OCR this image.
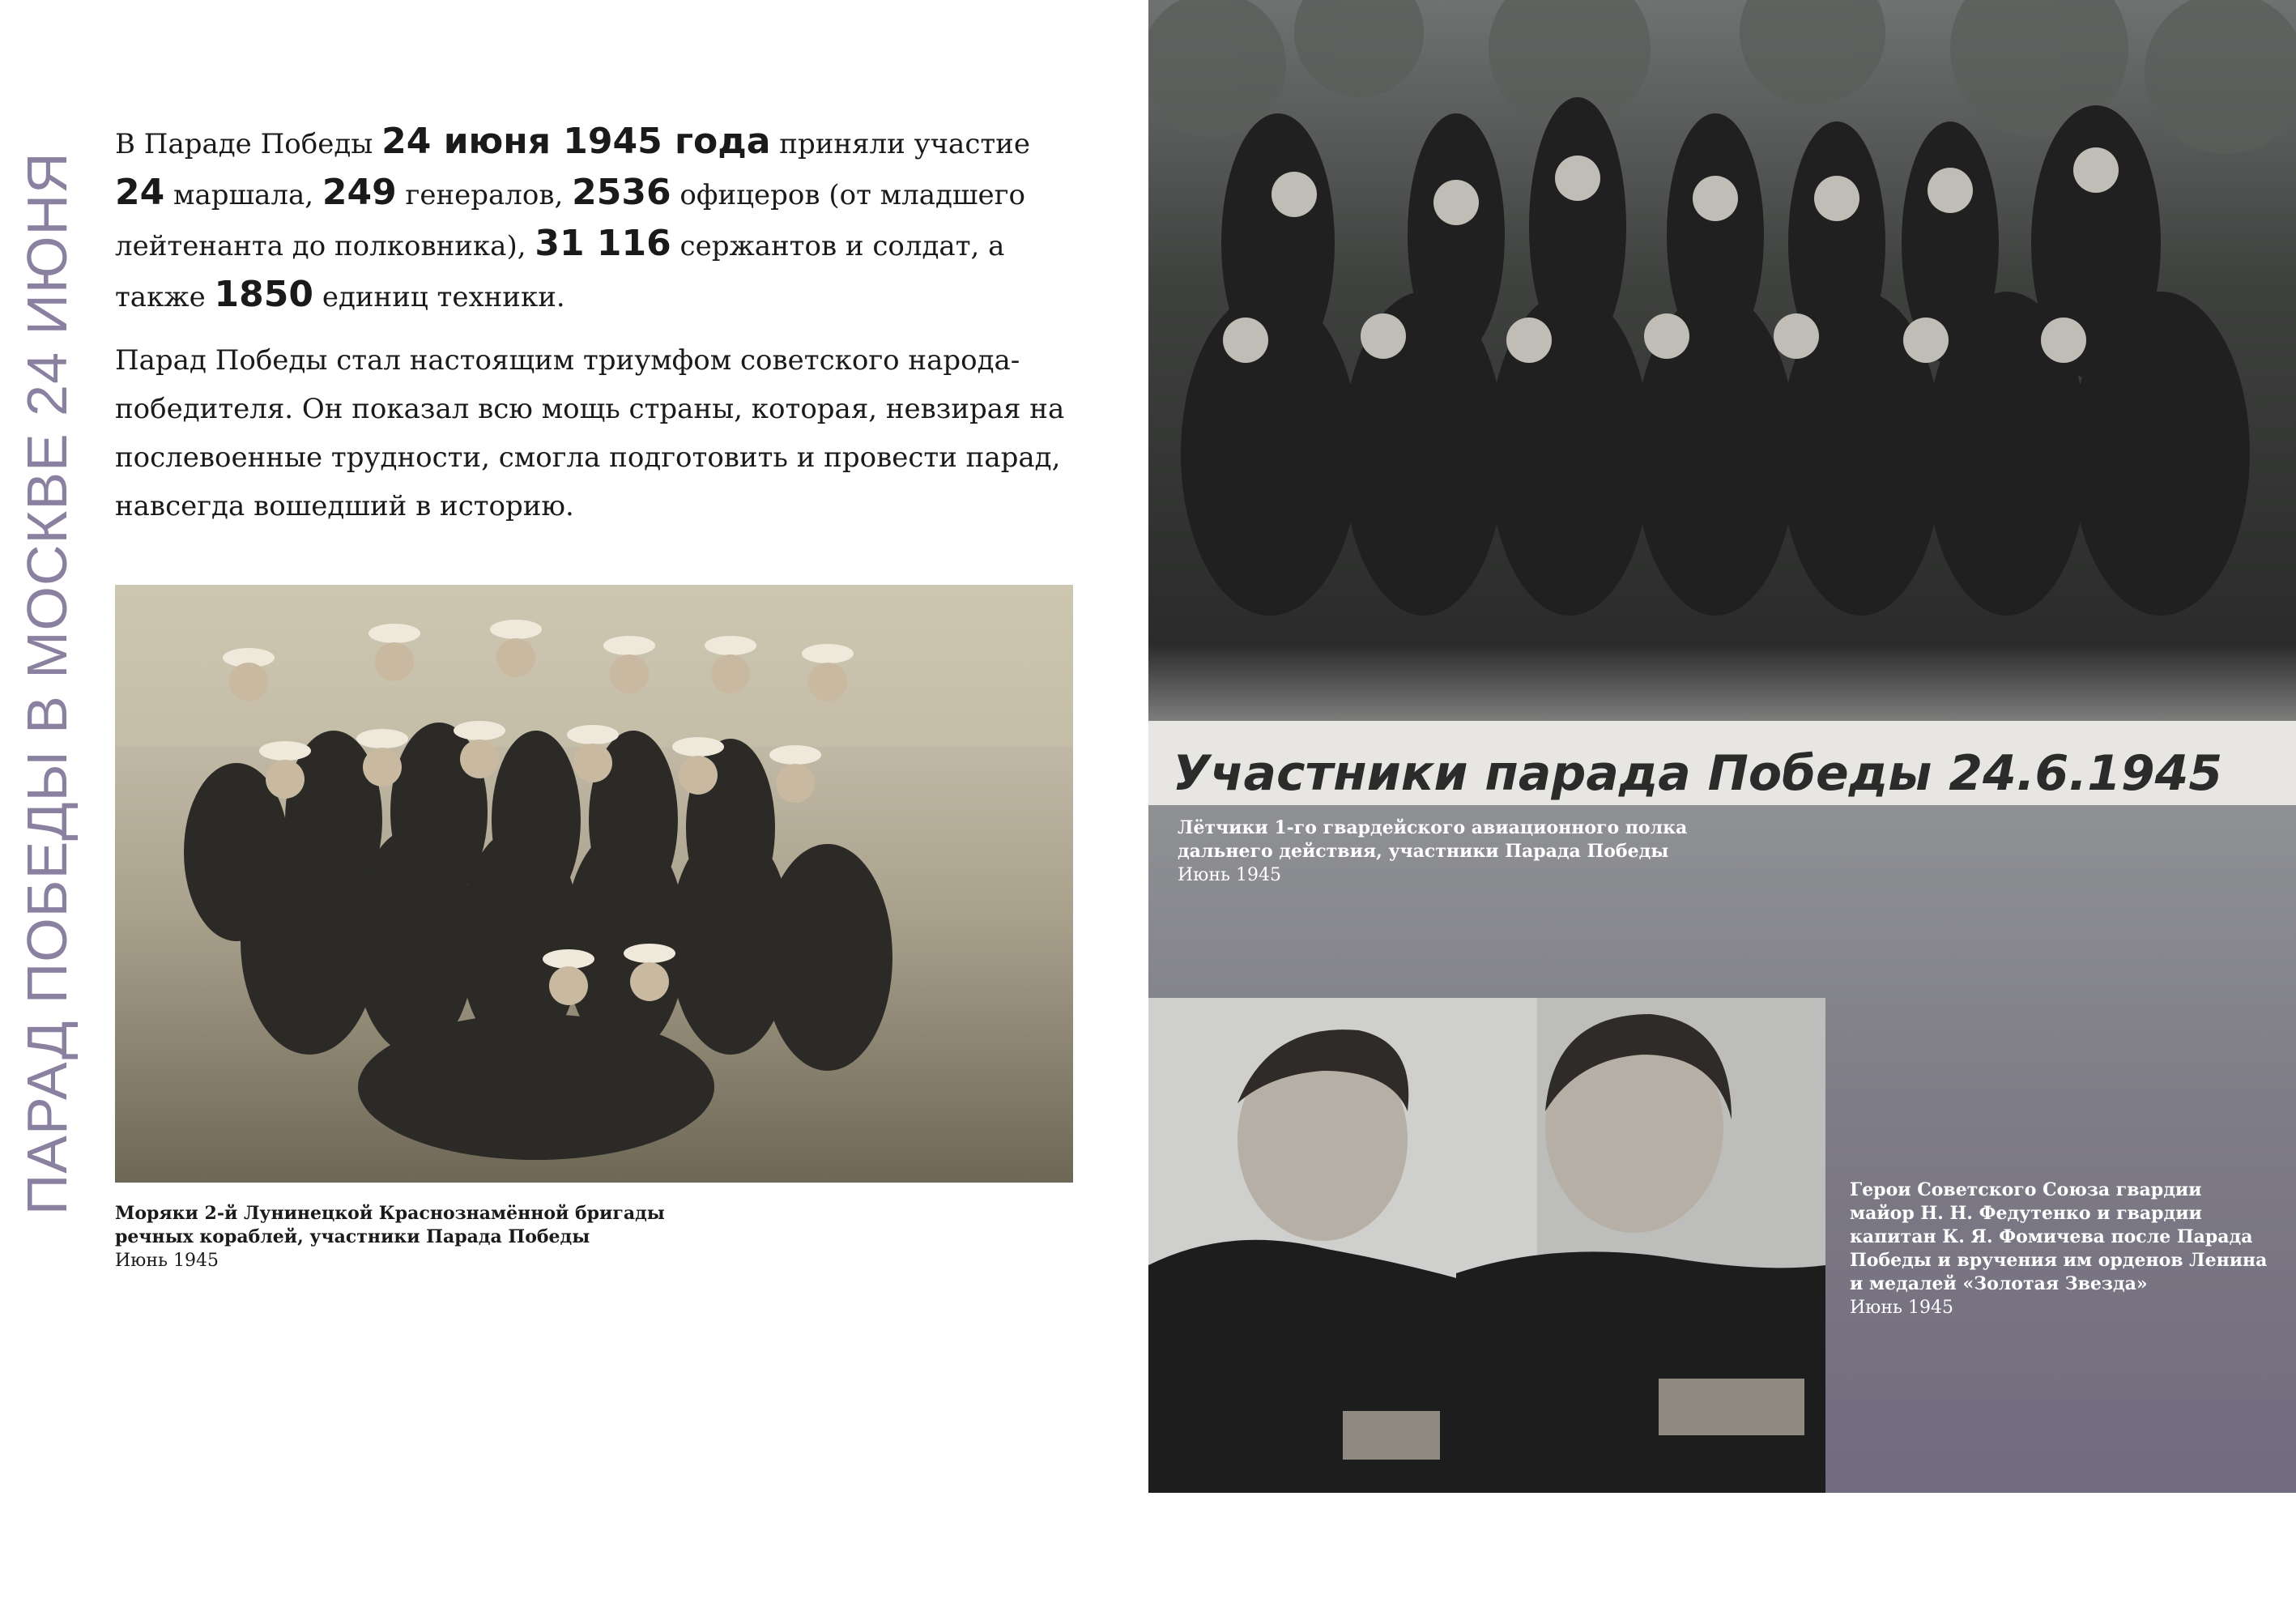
ПАРАД ПОБЕДЫ В МОСКВЕ 24 ИЮНЯ
В Параде Победы 24 июня 1945 года приняли участие
24 маршала, 249 генералов, 2536 офицеров (от младшего лейтенанта до полковника), 31 116 сержантов и солдат, а также 1850 единиц техники.
Парад Победы стал настоящим триумфом советского народа- победителя. Он показал всю мощь страны, которая, невзирая на послевоенные трудности, смогла подготовить и провести парад, навсегда вошедший в историю.
Моряки 2-й Лунинецкой Краснознамённой бригады речных кораблей, участники Парада Победы
Июнь 1945
Участники парада Победы 24.6.1945
Лётчики 1-го гвардейского авиационного полка дальнего действия, участники Парада Победы
Июнь 1945
Герои Советского Союза гвардии майор Н. Н. Федутенко и гвардии капитан К. Я. Фомичева после Парада Победы и вручения им орденов Ленина и медалей «Золотая Звезда»
Июнь 1945
